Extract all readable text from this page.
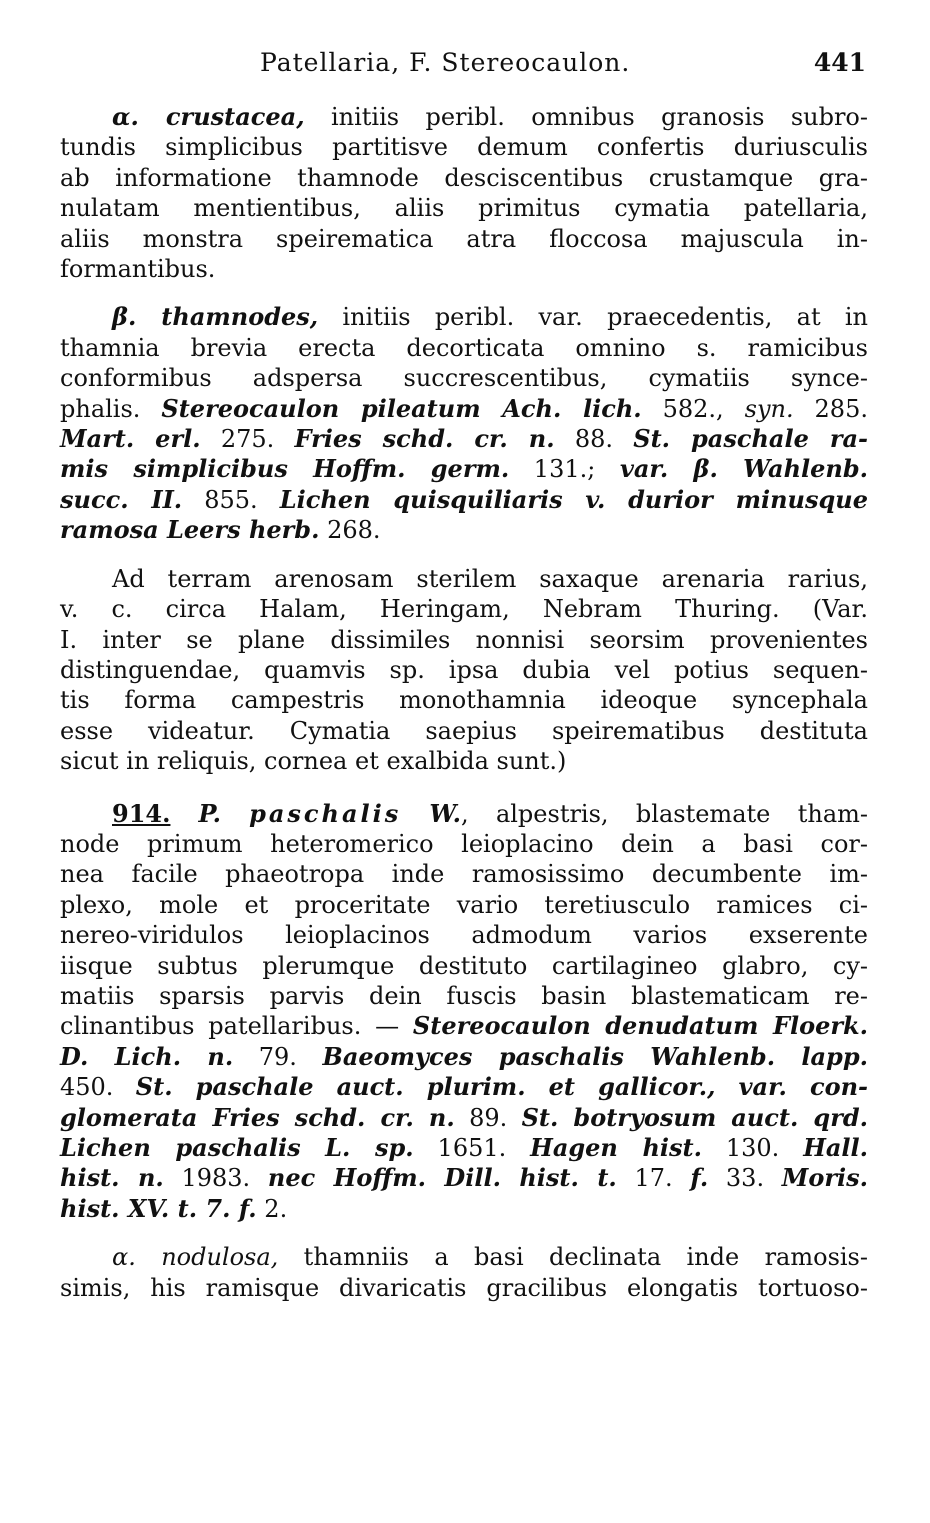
Patellaria, F. Stereocaulon.	441
α. crustacea, initiis peribl. omnibus granosis subro-
tundis simplicibus partitisve demum confertis duriusculis
ab informatione thamnode desciscentibus crustamque gra-
nulatam mentientibus, aliis primitus cymatia patellaria,
aliis monstra speirematica atra floccosa majuscula in-
formantibus.
β. thamnodes, initiis peribl. var. praecedentis, at in
thamnia brevia erecta decorticata omnino s. ramicibus
conformibus adspersa succrescentibus, cymatiis synce-
phalis. Stereocaulon pileatum Ach. lich. 582., syn. 285.
Mart. erl. 275. Fries schd. cr. n. 88. St. paschale ra-
mis simplicibus Hoffm. germ. 131.; var. β. Wahlenb.
succ. II. 855. Lichen quisquiliaris v. durior minusque
ramosa Leers herb. 268.
Ad terram arenosam sterilem saxaque arenaria rarius,
v. c. circa Halam, Heringam, Nebram Thuring. (Var.
I. inter se plane dissimiles nonnisi seorsim provenientes
distinguendae, quamvis sp. ipsa dubia vel potius sequen-
tis forma campestris monothamnia ideoque syncephala
esse videatur. Cymatia saepius speirematibus destituta
sicut in reliquis, cornea et exalbida sunt.)
914. P. paschalis W., alpestris, blastemate tham-
node primum heteromerico leioplacino dein a basi cor-
nea facile phaeotropa inde ramosissimo decumbente im-
plexo, mole et proceritate vario teretiusculo ramices ci-
nereo-viridulos leioplacinos admodum varios exserente
iisque subtus plerumque destituto cartilagineo glabro, cy-
matiis sparsis parvis dein fuscis basin blastematicam re-
clinantibus patellaribus. — Stereocaulon denudatum Floerk.
D. Lich. n. 79. Baeomyces paschalis Wahlenb. lapp.
450. St. paschale auct. plurim. et gallicor., var. con-
glomerata Fries schd. cr. n. 89. St. botryosum auct. qrd.
Lichen paschalis L. sp. 1651. Hagen hist. 130. Hall.
hist. n. 1983. nec Hoffm. Dill. hist. t. 17. f. 33. Moris.
hist. XV. t. 7. f. 2.
α. nodulosa, thamniis a basi declinata inde ramosis-
simis, his ramisque divaricatis gracilibus elongatis tortuoso-
